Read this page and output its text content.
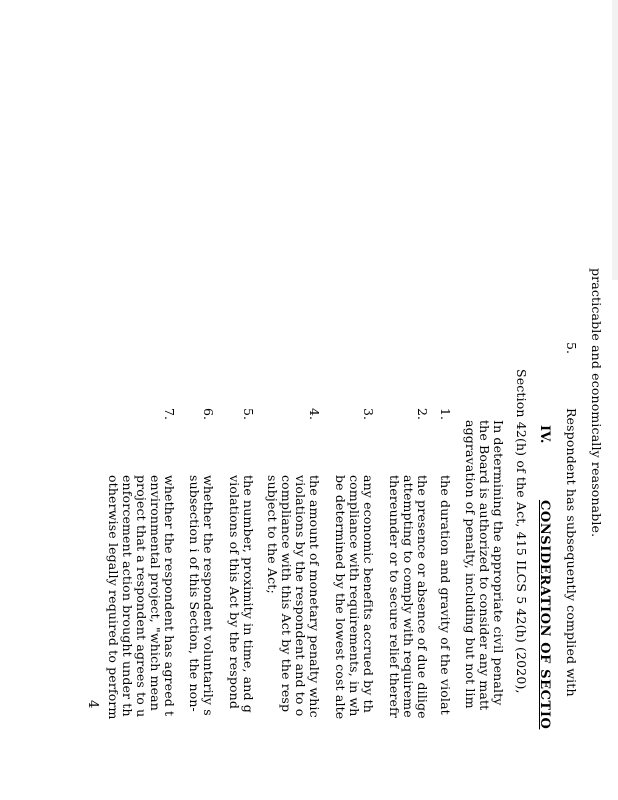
practicable and economically reasonable.
5.
Respondent has subsequently complied with
IV. CONSIDERATION OF SECTIO
Section 42(h) of the Act, 415 ILCS 5 42(h) (2020),
In determining the appropriate civil penalty
the Board is authorized to consider any matt
aggravation of penalty, including but not lim
1.
the duration and gravity of the violat
2.
the presence or absence of due dilige
attempting to comply with requireme
thereunder or to secure relief therefr
3.
any economic benefits accrued by th
compliance with requirements, in wh
be determined by the lowest cost alte
4.
the amount of monetary penalty whic
violations by the respondent and to o
compliance with this Act by the resp
subject to the Act;
5.
the number, proximity in time, and g
violations of this Act by the respond
6.
whether the respondent voluntarily s
subsection i of this Section, the non-
7.
whether the respondent has agreed t
environmental project, "which mean
project that a respondent agrees to u
enforcement action brought under th
otherwise legally required to perform
4
